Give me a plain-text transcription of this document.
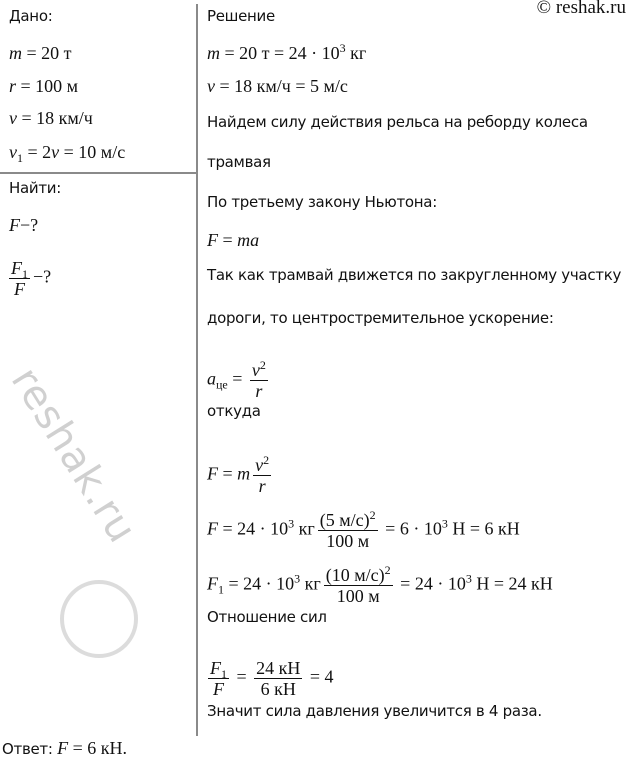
© reshak.ru
Дано:
m = 20 т
r = 100 м
v = 18 км/ч
$v_1 = 2v = 10$ м/с
Найти:
F−?
$\frac{F_1}{F}$ −?
Решение
m = 20 $т = 24 \cdot 10^3$ кг
v = 18 км/ч = 5 м/с
Найдем силу действия рельса на реборду колеса
трамвая
По третьему закону Ньютона:
F = ma
Так как трамвай движется по закругленному участку
дороги, то центростремительное ускорение:
$a_{це} = \frac{v^2}{r}$
откуда
F = m $\frac{v^2}{r}$
$F = 24 \cdot 10^3$ кг $\frac{(5 м/с)^2}{100 м} = 6 \cdot 10^3$ Н = 6 кН
$F_1 = 24 \cdot 10^3$ кг $\frac{(10 м/с)^2}{100 м} = 24 \cdot 10^3$ Н = 24 кН
Отношение сил
$\frac{F_1}{F} = \frac{24 кН}{6 кН} = 4$
Значит сила давления увеличится в 4 раза.
Ответ: F = 6 кН.
reshak.ru
